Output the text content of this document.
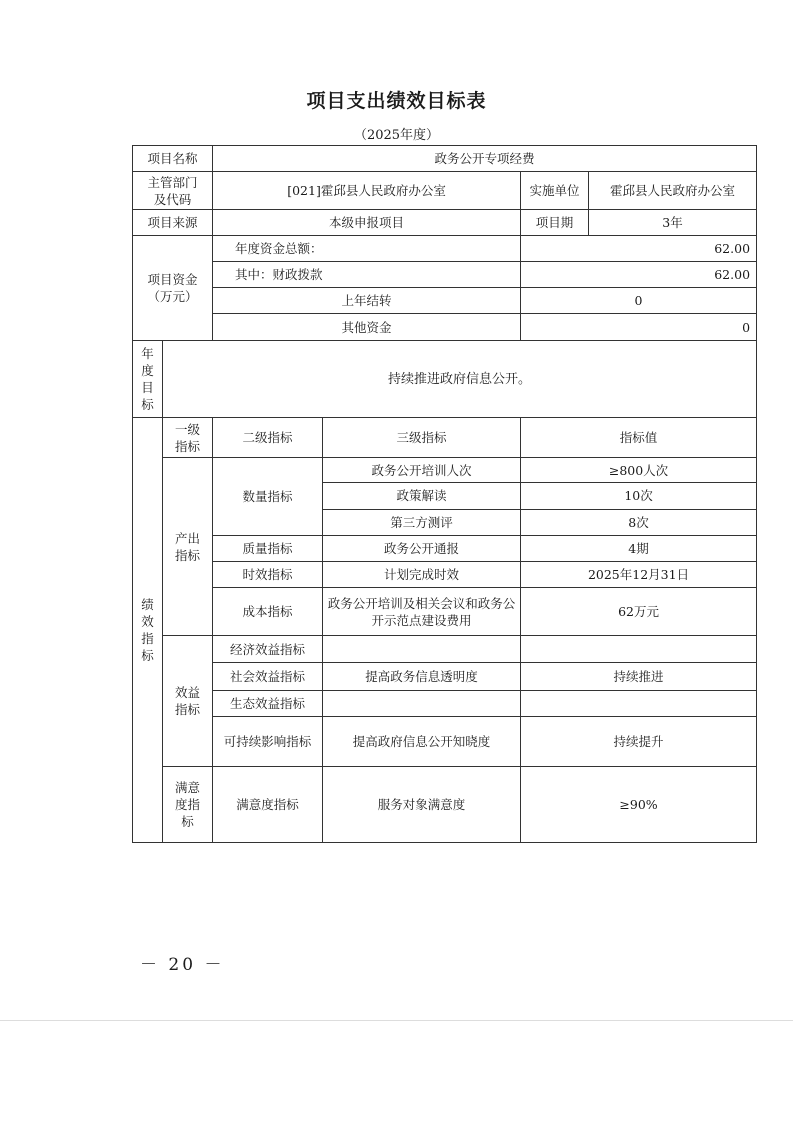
项目支出绩效目标表
（2025年度）
项目名称		政务公开专项经费			
主管部门及代码		[021]霍邱县人民政府办公室		实施单位	霍邱县人民政府办公室
项目来源		本级申报项目		项目期	3年
项目资金（万元）		年度资金总额：		62.00	
		其中：财政拨款		62.00	
		上年结转		0	
		其他资金		0	
年度目标	持续推进政府信息公开。				
绩效指标	一级指标	二级指标	三级指标	指标值	
	产出指标	数量指标	政务公开培训人次	≥800人次	
			政策解读	10次	
			第三方测评	8次	
		质量指标	政务公开通报	4期	
		时效指标	计划完成时效	2025年12月31日	
		成本指标	政务公开培训及相关会议和政务公开示范点建设费用	62万元	
	效益指标	经济效益指标			
		社会效益指标	提高政务信息透明度	持续推进	
		生态效益指标			
		可持续影响指标	提高政府信息公开知晓度	持续提升	
	满意度指标	满意度指标	服务对象满意度	≥90%	
－ 20 －
